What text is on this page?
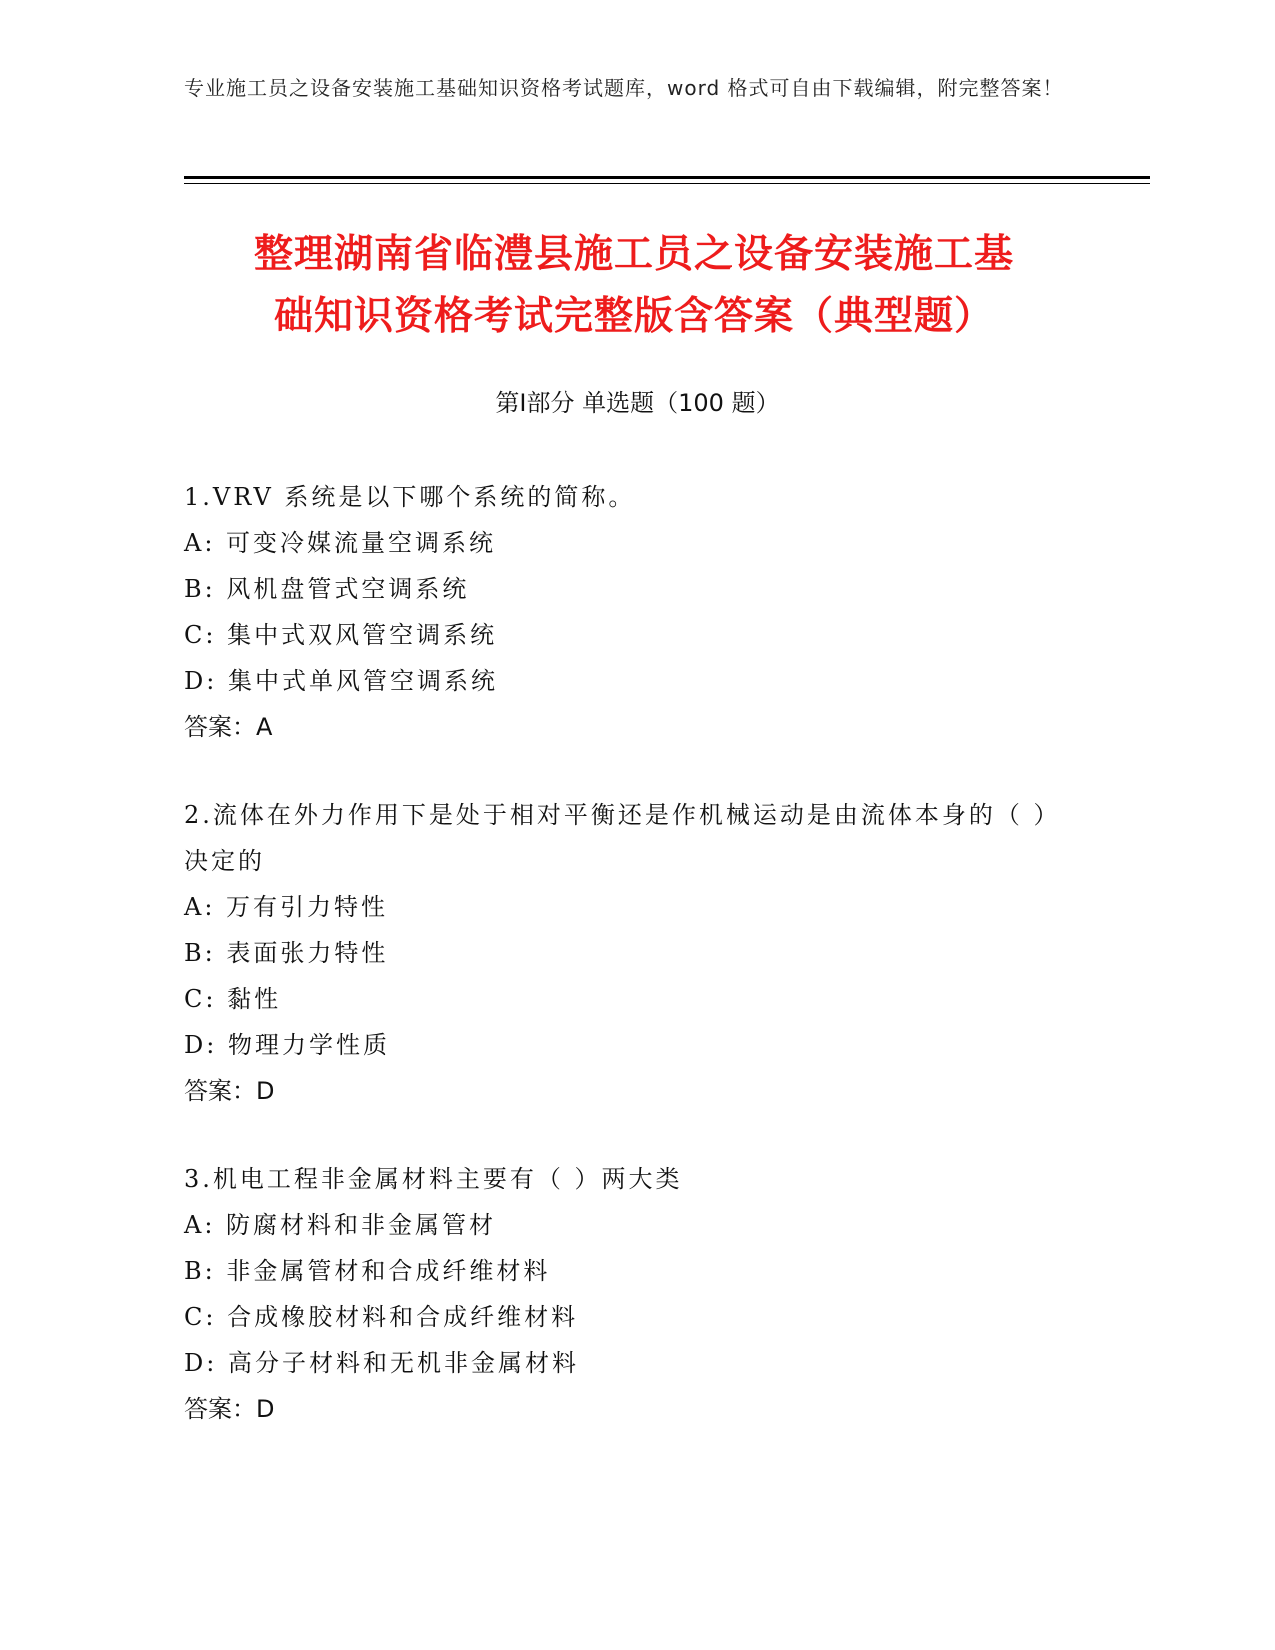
专业施工员之设备安装施工基础知识资格考试题库，word 格式可自由下载编辑，附完整答案！
整理湖南省临澧县施工员之设备安装施工基
础知识资格考试完整版含答案（典型题）
第Ⅰ部分 单选题（100 题）
1.VRV 系统是以下哪个系统的简称。
A: 可变冷媒流量空调系统
B: 风机盘管式空调系统
C: 集中式双风管空调系统
D: 集中式单风管空调系统
答案：A
2.流体在外力作用下是处于相对平衡还是作机械运动是由流体本身的（ ）决定的
A: 万有引力特性
B: 表面张力特性
C: 黏性
D: 物理力学性质
答案：D
3.机电工程非金属材料主要有（ ）两大类
A: 防腐材料和非金属管材
B: 非金属管材和合成纤维材料
C: 合成橡胶材料和合成纤维材料
D: 高分子材料和无机非金属材料
答案：D
